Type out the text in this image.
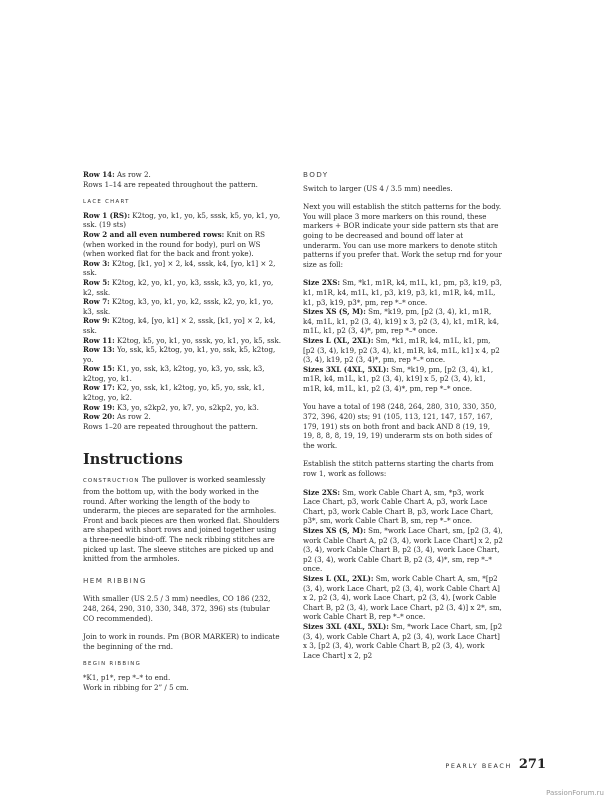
Row 14: As row 2.

Rows 1–14 are repeated throughout the pattern.

LACE CHART

Row 1 (RS): K2tog, yo, k1, yo, k5, sssk, k5, yo, k1, yo, ssk. (19 sts)

Row 2 and all even numbered rows: Knit on RS (when worked in the round for body), purl on WS (when worked flat for the back and front yoke).

Row 3: K2tog, [k1, yo] × 2, k4, sssk, k4, [yo, k1] × 2, ssk.

Row 5: K2tog, k2, yo, k1, yo, k3, sssk, k3, yo, k1, yo, k2, ssk.

Row 7: K2tog, k3, yo, k1, yo, k2, sssk, k2, yo, k1, yo, k3, ssk.

Row 9: K2tog, k4, [yo, k1] × 2, sssk, [k1, yo] × 2, k4, ssk.

Row 11: K2tog, k5, yo, k1, yo, sssk, yo, k1, yo, k5, ssk.

Row 13: Yo, ssk, k5, k2tog, yo, k1, yo, ssk, k5, k2tog, yo.

Row 15: K1, yo, ssk, k3, k2tog, yo, k3, yo, ssk, k3, k2tog, yo, k1.

Row 17: K2, yo, ssk, k1, k2tog, yo, k5, yo, ssk, k1, k2tog, yo, k2.

Row 19: K3, yo, s2kp2, yo, k7, yo, s2kp2, yo, k3.

Row 20: As row 2.

Rows 1–20 are repeated throughout the pattern.

Instructions

CONSTRUCTION The pullover is worked seamlessly from the bottom up, with the body worked in the round. After working the length of the body to underarm, the pieces are separated for the armholes. Front and back pieces are then worked flat. Shoulders are shaped with short rows and joined together using a three-needle bind-off. The neck ribbing stitches are picked up last. The sleeve stitches are picked up and knitted from the armholes.

HEM RIBBING

With smaller (US 2.5 / 3 mm) needles, CO 186 (232, 248, 264, 290, 310, 330, 348, 372, 396) sts (tubular CO recommended).

Join to work in rounds. Pm (BOR MARKER) to indicate the beginning of the rnd.

BEGIN RIBBING

*K1, p1*, rep *–* to end.

Work in ribbing for 2” / 5 cm.

BODY

Switch to larger (US 4 / 3.5 mm) needles.

Next you will establish the stitch patterns for the body. You will place 3 more markers on this round, these markers + BOR indicate your side pattern sts that are going to be decreased and bound off later at underarm. You can use more markers to denote stitch patterns if you prefer that. Work the setup rnd for your size as foll:

Size 2XS: Sm, *k1, m1R, k4, m1L, k1, pm, p3, k19, p3, k1, m1R, k4, m1L, k1, p3, k19, p3, k1, m1R, k4, m1L, k1, p3, k19, p3*, pm, rep *–* once.

Sizes XS (S, M): Sm, *k19, pm, [p2 (3, 4), k1, m1R, k4, m1L, k1, p2 (3, 4), k19] x 3, p2 (3, 4), k1, m1R, k4, m1L, k1, p2 (3, 4)*, pm, rep *–* once.

Sizes L (XL, 2XL): Sm, *k1, m1R, k4, m1L, k1, pm, [p2 (3, 4), k19, p2 (3, 4), k1, m1R, k4, m1L, k1] x 4, p2 (3, 4), k19, p2 (3, 4)*, pm, rep *–* once.

Sizes 3XL (4XL, 5XL): Sm, *k19, pm, [p2 (3, 4), k1, m1R, k4, m1L, k1, p2 (3, 4), k19] x 5, p2 (3, 4), k1, m1R, k4, m1L, k1, p2 (3, 4)*, pm, rep *–* once.

You have a total of 198 (248, 264, 280, 310, 330, 350, 372, 396, 420) sts; 91 (105, 113, 121, 147, 157, 167, 179, 191) sts on both front and back AND 8 (19, 19, 19, 8, 8, 8, 19, 19, 19) underarm sts on both sides of the work.

Establish the stitch patterns starting the charts from row 1, work as follows:

Size 2XS: Sm, work Cable Chart A, sm, *p3, work Lace Chart, p3, work Cable Chart A, p3, work Lace Chart, p3, work Cable Chart B, p3, work Lace Chart, p3*, sm, work Cable Chart B, sm, rep *–* once.

Sizes XS (S, M): Sm, *work Lace Chart, sm, [p2 (3, 4), work Cable Chart A, p2 (3, 4), work Lace Chart] x 2, p2 (3, 4), work Cable Chart B, p2 (3, 4), work Lace Chart, p2 (3, 4), work Cable Chart B, p2 (3, 4)*, sm, rep *–* once.

Sizes L (XL, 2XL): Sm, work Cable Chart A, sm, *[p2 (3, 4), work Lace Chart, p2 (3, 4), work Cable Chart A] x 2, p2 (3, 4), work Lace Chart, p2 (3, 4), [work Cable Chart B, p2 (3, 4), work Lace Chart, p2 (3, 4)] x 2*, sm, work Cable Chart B, rep *–* once.

Sizes 3XL (4XL, 5XL): Sm, *work Lace Chart, sm, [p2 (3, 4), work Cable Chart A, p2 (3, 4), work Lace Chart] x 3, [p2 (3, 4), work Cable Chart B, p2 (3, 4), work Lace Chart] x 2, p2

PEARLY BEACH 271
PassionForum.ru
